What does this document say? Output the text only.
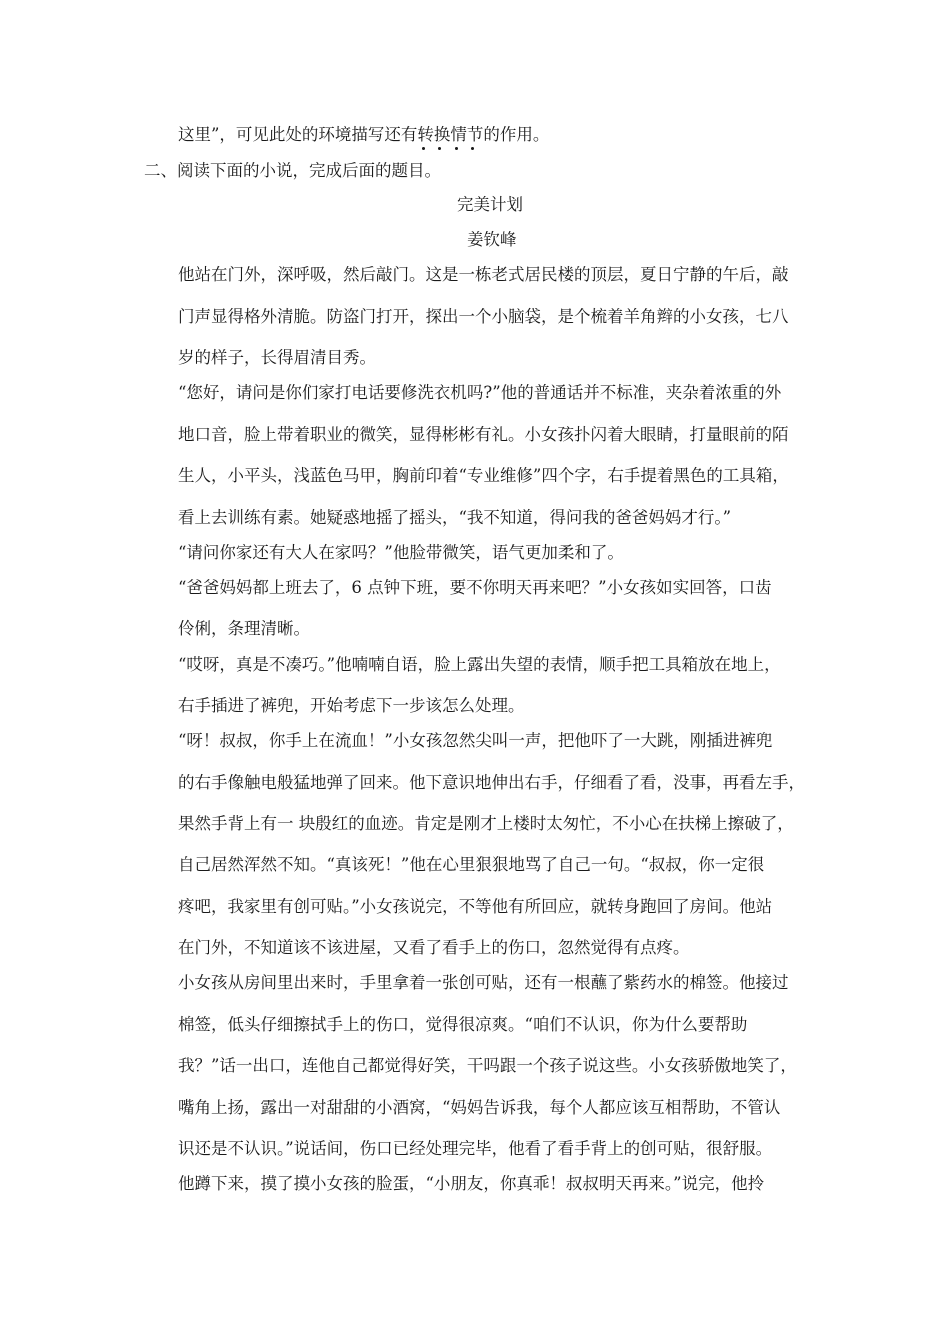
这里”，可见此处的环境描写还有转换情节的作用。
二、阅读下面的小说，完成后面的题目。
完美计划
姜钦峰
他站在门外，深呼吸，然后敲门。这是一栋老式居民楼的顶层，夏日宁静的午后，敲
门声显得格外清脆。防盗门打开，探出一个小脑袋，是个梳着羊角辫的小女孩，七八
岁的样子，长得眉清目秀。
“您好，请问是你们家打电话要修洗衣机吗?”他的普通话并不标准，夹杂着浓重的外
地口音，脸上带着职业的微笑，显得彬彬有礼。小女孩扑闪着大眼睛，打量眼前的陌
生人，小平头，浅蓝色马甲，胸前印着“专业维修”四个字，右手提着黑色的工具箱，
看上去训练有素。她疑惑地摇了摇头，“我不知道，得问我的爸爸妈妈才行。”
“请问你家还有大人在家吗？”他脸带微笑，语气更加柔和了。
“爸爸妈妈都上班去了，6 点钟下班，要不你明天再来吧？”小女孩如实回答，口齿
伶俐，条理清晰。
“哎呀，真是不凑巧。”他喃喃自语，脸上露出失望的表情，顺手把工具箱放在地上，
右手插进了裤兜，开始考虑下一步该怎么处理。
“呀！叔叔，你手上在流血！”小女孩忽然尖叫一声，把他吓了一大跳，刚插进裤兜
的右手像触电般猛地弹了回来。他下意识地伸出右手，仔细看了看，没事，再看左手，
果然手背上有一 块殷红的血迹。肯定是刚才上楼时太匆忙，不小心在扶梯上擦破了，
自己居然浑然不知。“真该死！”他在心里狠狠地骂了自己一句。“叔叔，你一定很
疼吧，我家里有创可贴。”小女孩说完，不等他有所回应，就转身跑回了房间。他站
在门外，不知道该不该进屋，又看了看手上的伤口，忽然觉得有点疼。
小女孩从房间里出来时，手里拿着一张创可贴，还有一根蘸了紫药水的棉签。他接过
棉签，低头仔细擦拭手上的伤口，觉得很凉爽。“咱们不认识，你为什么要帮助
我？”话一出口，连他自己都觉得好笑，干吗跟一个孩子说这些。小女孩骄傲地笑了，
嘴角上扬，露出一对甜甜的小酒窝，“妈妈告诉我，每个人都应该互相帮助，不管认
识还是不认识。”说话间，伤口已经处理完毕，他看了看手背上的创可贴，很舒服。
他蹲下来，摸了摸小女孩的脸蛋，“小朋友，你真乖！叔叔明天再来。”说完，他拎
